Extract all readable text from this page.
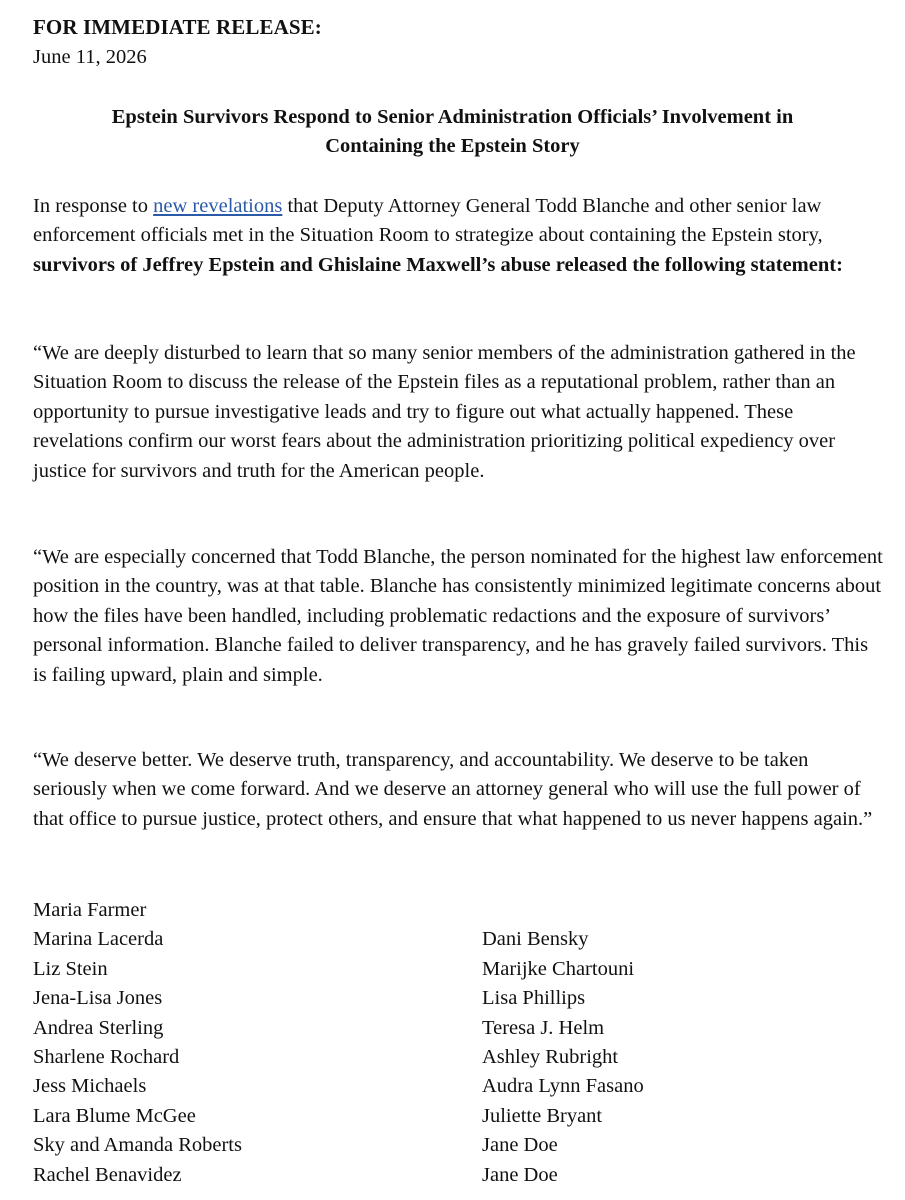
FOR IMMEDIATE RELEASE:
June 11, 2026
Epstein Survivors Respond to Senior Administration Officials’ Involvement in
Containing the Epstein Story

In response to new revelations that Deputy Attorney General Todd Blanche and other senior law enforcement officials met in the Situation Room to strategize about containing the Epstein story, survivors of Jeffrey Epstein and Ghislaine Maxwell’s abuse released the following statement:

“We are deeply disturbed to learn that so many senior members of the administration gathered in the Situation Room to discuss the release of the Epstein files as a reputational problem, rather than an opportunity to pursue investigative leads and try to figure out what actually happened. These revelations confirm our worst fears about the administration prioritizing political expediency over justice for survivors and truth for the American people.

“We are especially concerned that Todd Blanche, the person nominated for the highest law enforcement position in the country, was at that table. Blanche has consistently minimized legitimate concerns about how the files have been handled, including problematic redactions and the exposure of survivors’ personal information. Blanche failed to deliver transparency, and he has gravely failed survivors. This is failing upward, plain and simple.

“We deserve better. We deserve truth, transparency, and accountability. We deserve to be taken seriously when we come forward. And we deserve an attorney general who will use the full power of that office to pursue justice, protect others, and ensure that what happened to us never happens again.”

Maria Farmer
Marina Lacerda
Liz Stein
Jena-Lisa Jones
Andrea Sterling
Sharlene Rochard
Jess Michaels
Lara Blume McGee
Sky and Amanda Roberts
Rachel Benavidez
Dani Bensky
Marijke Chartouni
Lisa Phillips
Teresa J. Helm
Ashley Rubright
Audra Lynn Fasano
Juliette Bryant
Jane Doe
Jane Doe
